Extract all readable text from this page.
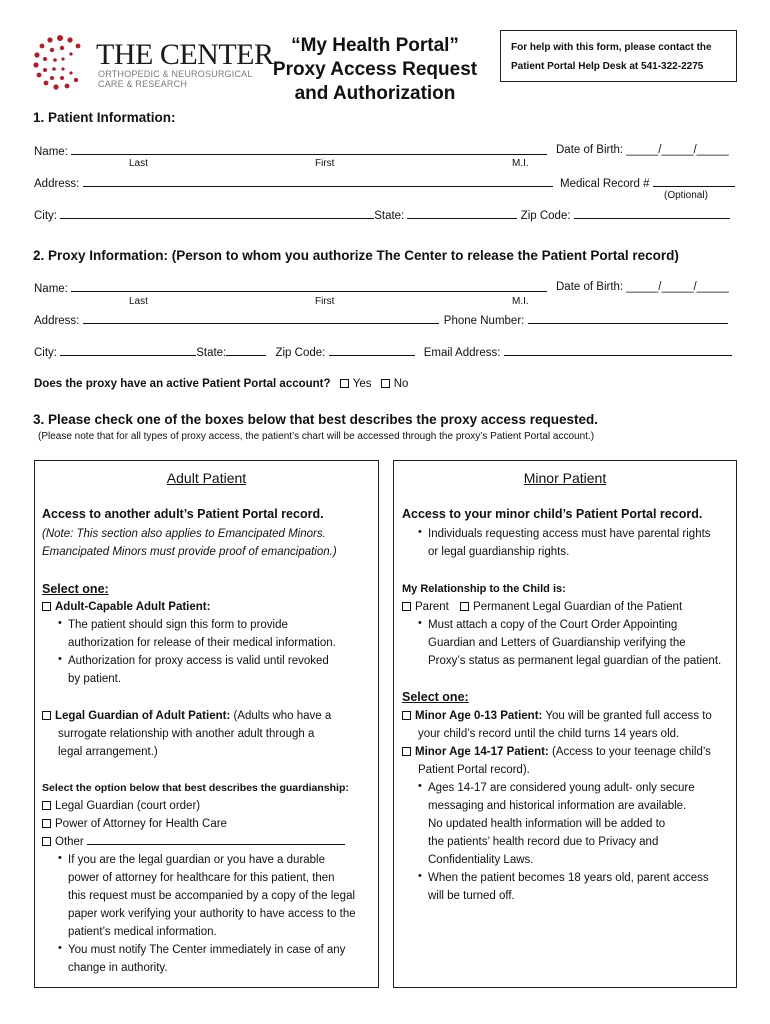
THE CENTER
ORTHOPEDIC & NEUROSURGICAL
CARE & RESEARCH
“My Health Portal”
Proxy Access Request
and Authorization
For help with this form, please contact the
Patient Portal Help Desk at 541-322-2275
1. Patient Information:
Name:	Date of Birth: _____/_____/_____
Last	First	M.I.
Address:	Medical Record #
(Optional)
City:	State:	Zip Code:
2. Proxy Information: (Person to whom you authorize The Center to release the Patient Portal record)
Name:	Date of Birth: _____/_____/_____
Last	First	M.I.
Address:	Phone Number:
City:	State:	Zip Code:	Email Address:
Does the proxy have an active Patient Portal account? Yes No
3. Please check one of the boxes below that best describes the proxy access requested.
(Please note that for all types of proxy access, the patient’s chart will be accessed through the proxy’s Patient Portal account.)
Adult Patient
Access to another adult’s Patient Portal record.
(Note: This section also applies to Emancipated Minors.
Emancipated Minors must provide proof of emancipation.)
Select one:
Adult-Capable Adult Patient:
• The patient should sign this form to provide
authorization for release of their medical information.
• Authorization for proxy access is valid until revoked
by patient.
Legal Guardian of Adult Patient: (Adults who have a
surrogate relationship with another adult through a
legal arrangement.)
Select the option below that best describes the guardianship:
Legal Guardian (court order)
Power of Attorney for Health Care
Other
• If you are the legal guardian or you have a durable
power of attorney for healthcare for this patient, then
this request must be accompanied by a copy of the legal
paper work verifying your authority to have access to the
patient’s medical information.
• You must notify The Center immediately in case of any
change in authority.
Minor Patient
Access to your minor child’s Patient Portal record.
• Individuals requesting access must have parental rights
or legal guardianship rights.
My Relationship to the Child is:
Parent Permanent Legal Guardian of the Patient
• Must attach a copy of the Court Order Appointing
Guardian and Letters of Guardianship verifying the
Proxy’s status as permanent legal guardian of the patient.
Select one:
Minor Age 0-13 Patient: You will be granted full access to
your child’s record until the child turns 14 years old.
Minor Age 14-17 Patient: (Access to your teenage child’s
Patient Portal record).
• Ages 14-17 are considered young adult- only secure
messaging and historical information are available.
No updated health information will be added to
the patients’ health record due to Privacy and
Confidentiality Laws.
• When the patient becomes 18 years old, parent access
will be turned off.
